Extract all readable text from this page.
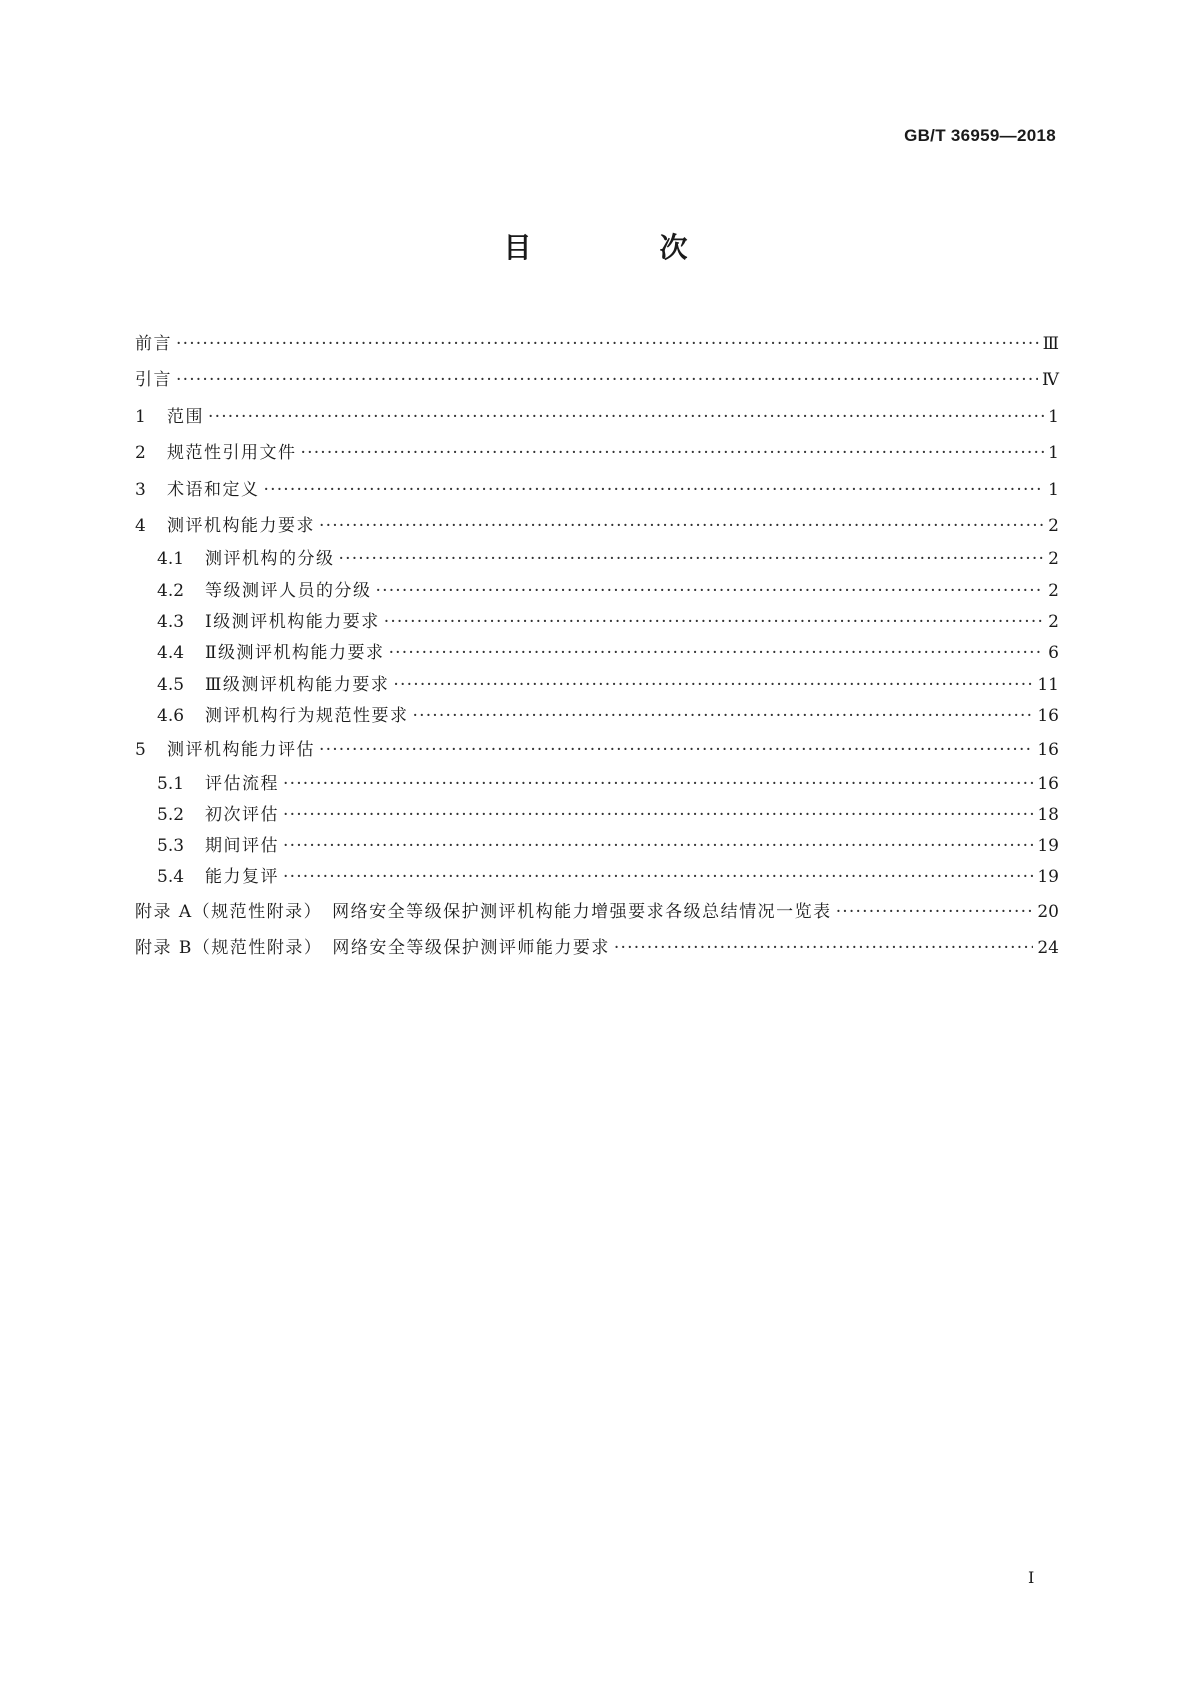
GB/T 36959—2018
目　次
前言 ·····	Ⅲ
引言 ·····	Ⅳ
1	范围 ·····	1
2	规范性引用文件 ·····	1
3	术语和定义 ·····	1
4	测评机构能力要求 ·····	2
4.1	测评机构的分级 ·····	2
4.2	等级测评人员的分级 ·····	2
4.3	Ⅰ级测评机构能力要求 ·····	2
4.4	Ⅱ级测评机构能力要求 ·····	6
4.5	Ⅲ级测评机构能力要求 ·····	11
4.6	测评机构行为规范性要求 ·····	16
5	测评机构能力评估 ·····	16
5.1	评估流程 ·····	16
5.2	初次评估 ·····	18
5.3	期间评估 ·····	19
5.4	能力复评 ·····	19
附录 A（规范性附录）　网络安全等级保护测评机构能力增强要求各级总结情况一览表 ·····	20
附录 B（规范性附录）　网络安全等级保护测评师能力要求 ·····	24
I
